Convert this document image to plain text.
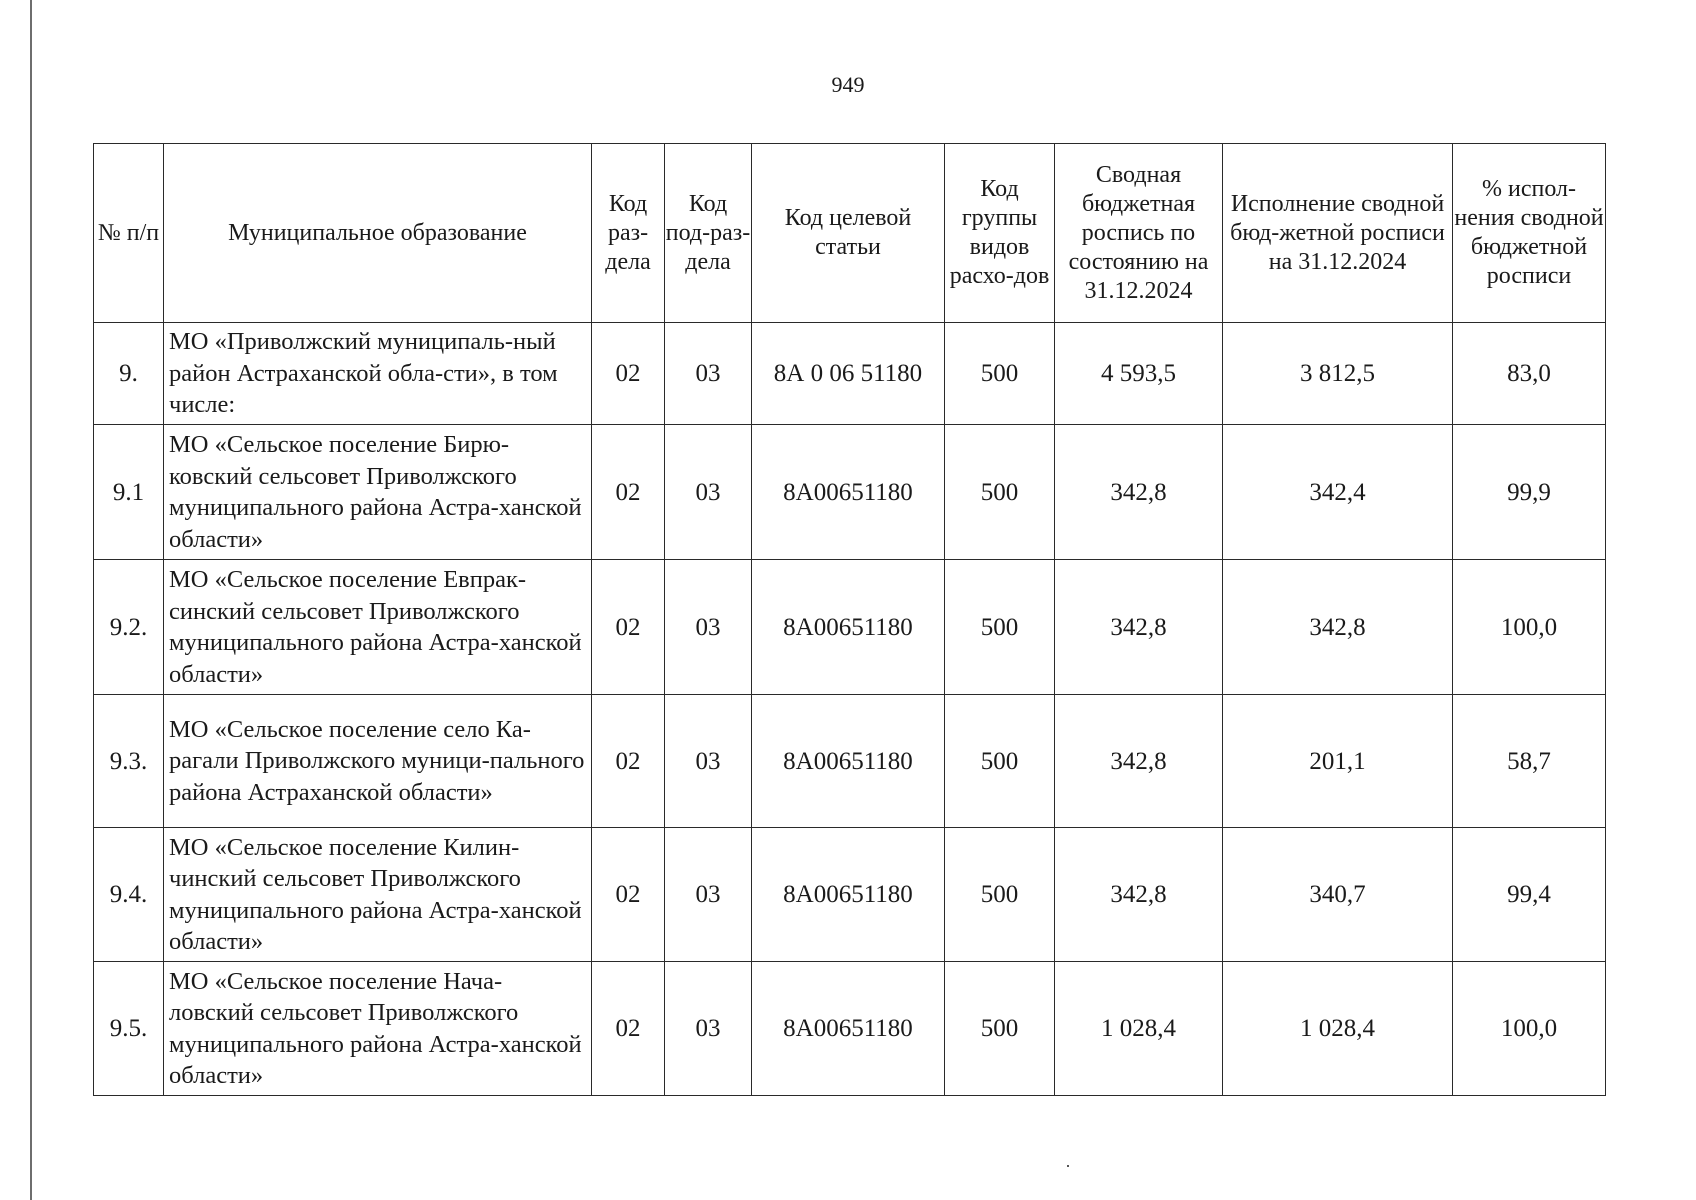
949
№ п/п	Муниципальное образование	Код раз-дела	Код под-раз-дела	Код целевой статьи	Код группы видов расхо-дов	Сводная бюджетная роспись по состоянию на 31.12.2024	Исполнение сводной бюд-жетной росписи на 31.12.2024	% испол-нения сводной бюджетной росписи
9.	МО «Приволжский муниципаль-ный район Астраханской обла-сти», в том числе:	02	03	8А 0 06 51180	500	4 593,5	3 812,5	83,0
9.1	МО «Сельское поселение Бирю-ковский сельсовет Приволжского муниципального района Астра-ханской области»	02	03	8А00651180	500	342,8	342,4	99,9
9.2.	МО «Сельское поселение Евпрак-синский сельсовет Приволжского муниципального района Астра-ханской области»	02	03	8А00651180	500	342,8	342,8	100,0
9.3.	МО «Сельское поселение село Ка-рагали Приволжского муници-пального района Астраханской области»	02	03	8А00651180	500	342,8	201,1	58,7
9.4.	МО «Сельское поселение Килин-чинский сельсовет Приволжского муниципального района Астра-ханской области»	02	03	8А00651180	500	342,8	340,7	99,4
9.5.	МО «Сельское поселение Нача-ловский сельсовет Приволжского муниципального района Астра-ханской области»	02	03	8А00651180	500	1 028,4	1 028,4	100,0
